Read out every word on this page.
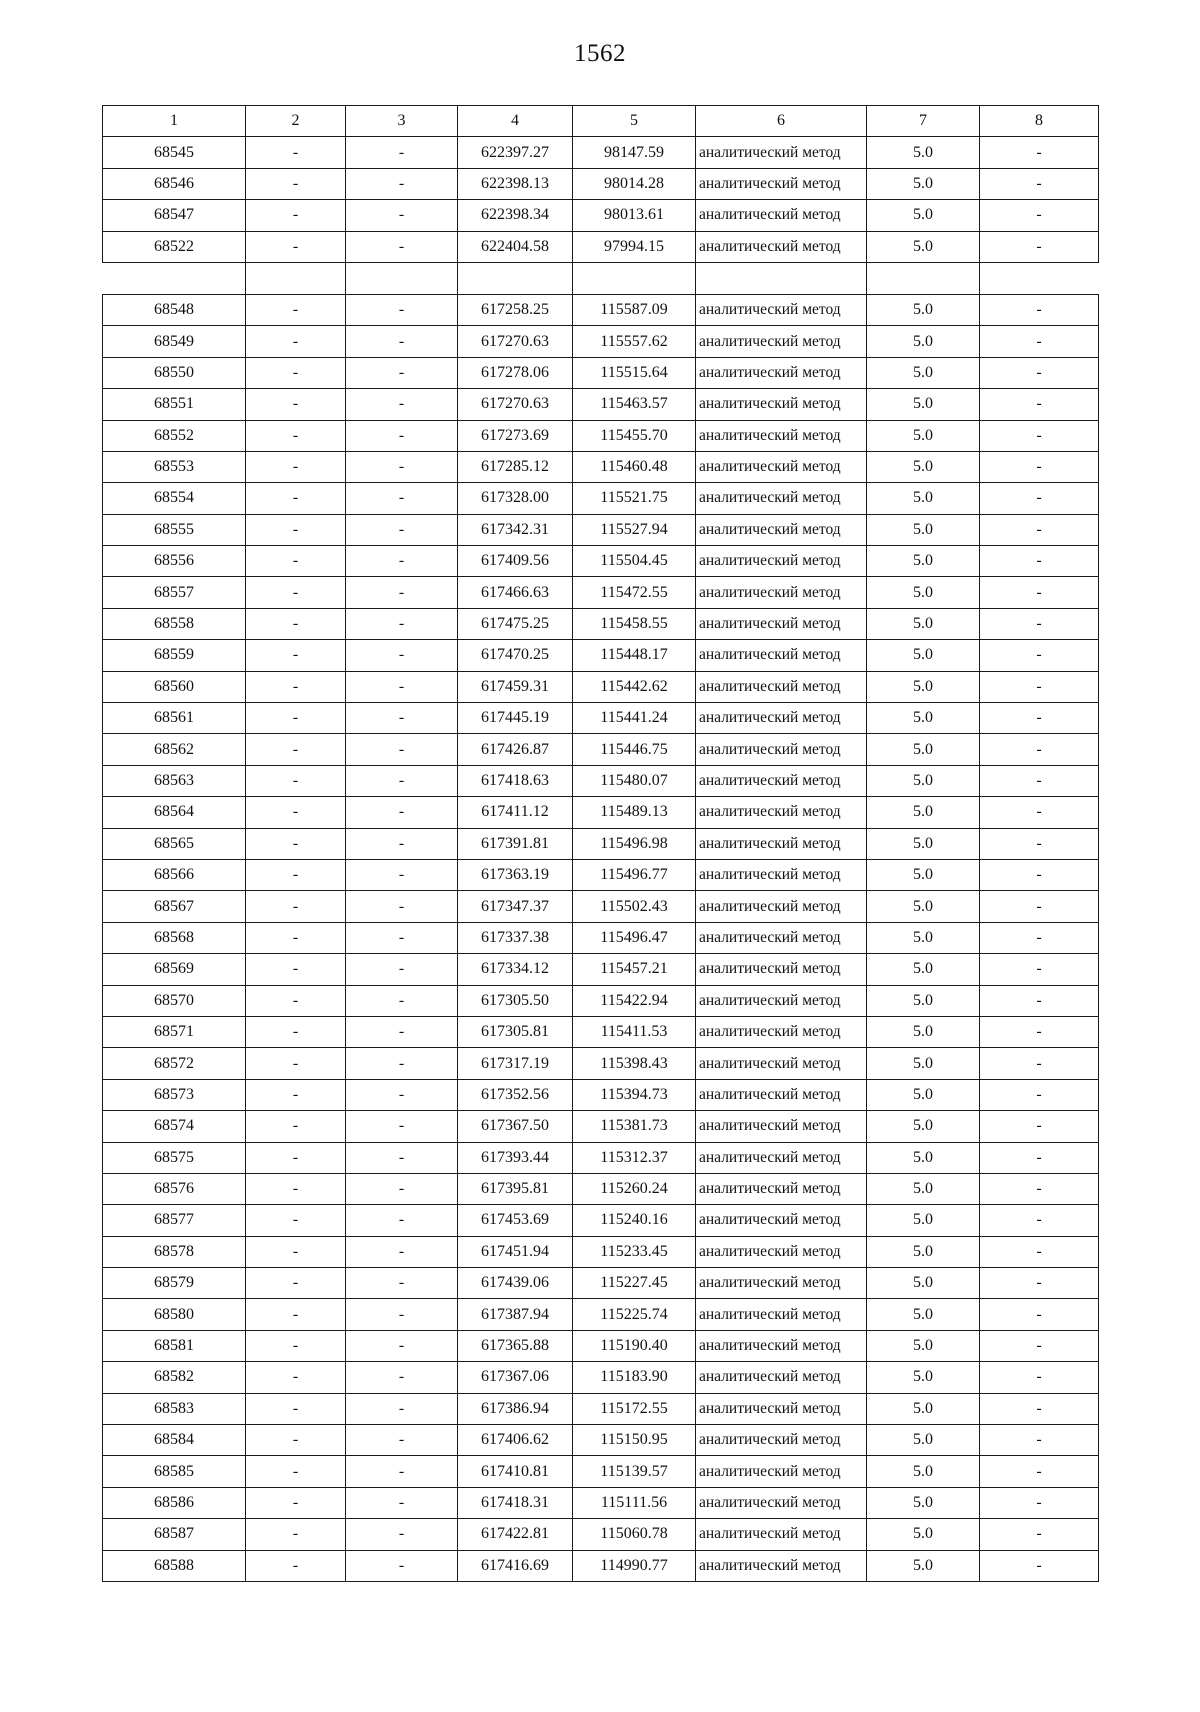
1562
1	2	3	4	5	6	7	8
68545	-	-	622397.27	98147.59	аналитический метод	5.0	-
68546	-	-	622398.13	98014.28	аналитический метод	5.0	-
68547	-	-	622398.34	98013.61	аналитический метод	5.0	-
68522	-	-	622404.58	97994.15	аналитический метод	5.0	-

68548	-	-	617258.25	115587.09	аналитический метод	5.0	-
68549	-	-	617270.63	115557.62	аналитический метод	5.0	-
68550	-	-	617278.06	115515.64	аналитический метод	5.0	-
68551	-	-	617270.63	115463.57	аналитический метод	5.0	-
68552	-	-	617273.69	115455.70	аналитический метод	5.0	-
68553	-	-	617285.12	115460.48	аналитический метод	5.0	-
68554	-	-	617328.00	115521.75	аналитический метод	5.0	-
68555	-	-	617342.31	115527.94	аналитический метод	5.0	-
68556	-	-	617409.56	115504.45	аналитический метод	5.0	-
68557	-	-	617466.63	115472.55	аналитический метод	5.0	-
68558	-	-	617475.25	115458.55	аналитический метод	5.0	-
68559	-	-	617470.25	115448.17	аналитический метод	5.0	-
68560	-	-	617459.31	115442.62	аналитический метод	5.0	-
68561	-	-	617445.19	115441.24	аналитический метод	5.0	-
68562	-	-	617426.87	115446.75	аналитический метод	5.0	-
68563	-	-	617418.63	115480.07	аналитический метод	5.0	-
68564	-	-	617411.12	115489.13	аналитический метод	5.0	-
68565	-	-	617391.81	115496.98	аналитический метод	5.0	-
68566	-	-	617363.19	115496.77	аналитический метод	5.0	-
68567	-	-	617347.37	115502.43	аналитический метод	5.0	-
68568	-	-	617337.38	115496.47	аналитический метод	5.0	-
68569	-	-	617334.12	115457.21	аналитический метод	5.0	-
68570	-	-	617305.50	115422.94	аналитический метод	5.0	-
68571	-	-	617305.81	115411.53	аналитический метод	5.0	-
68572	-	-	617317.19	115398.43	аналитический метод	5.0	-
68573	-	-	617352.56	115394.73	аналитический метод	5.0	-
68574	-	-	617367.50	115381.73	аналитический метод	5.0	-
68575	-	-	617393.44	115312.37	аналитический метод	5.0	-
68576	-	-	617395.81	115260.24	аналитический метод	5.0	-
68577	-	-	617453.69	115240.16	аналитический метод	5.0	-
68578	-	-	617451.94	115233.45	аналитический метод	5.0	-
68579	-	-	617439.06	115227.45	аналитический метод	5.0	-
68580	-	-	617387.94	115225.74	аналитический метод	5.0	-
68581	-	-	617365.88	115190.40	аналитический метод	5.0	-
68582	-	-	617367.06	115183.90	аналитический метод	5.0	-
68583	-	-	617386.94	115172.55	аналитический метод	5.0	-
68584	-	-	617406.62	115150.95	аналитический метод	5.0	-
68585	-	-	617410.81	115139.57	аналитический метод	5.0	-
68586	-	-	617418.31	115111.56	аналитический метод	5.0	-
68587	-	-	617422.81	115060.78	аналитический метод	5.0	-
68588	-	-	617416.69	114990.77	аналитический метод	5.0	-
